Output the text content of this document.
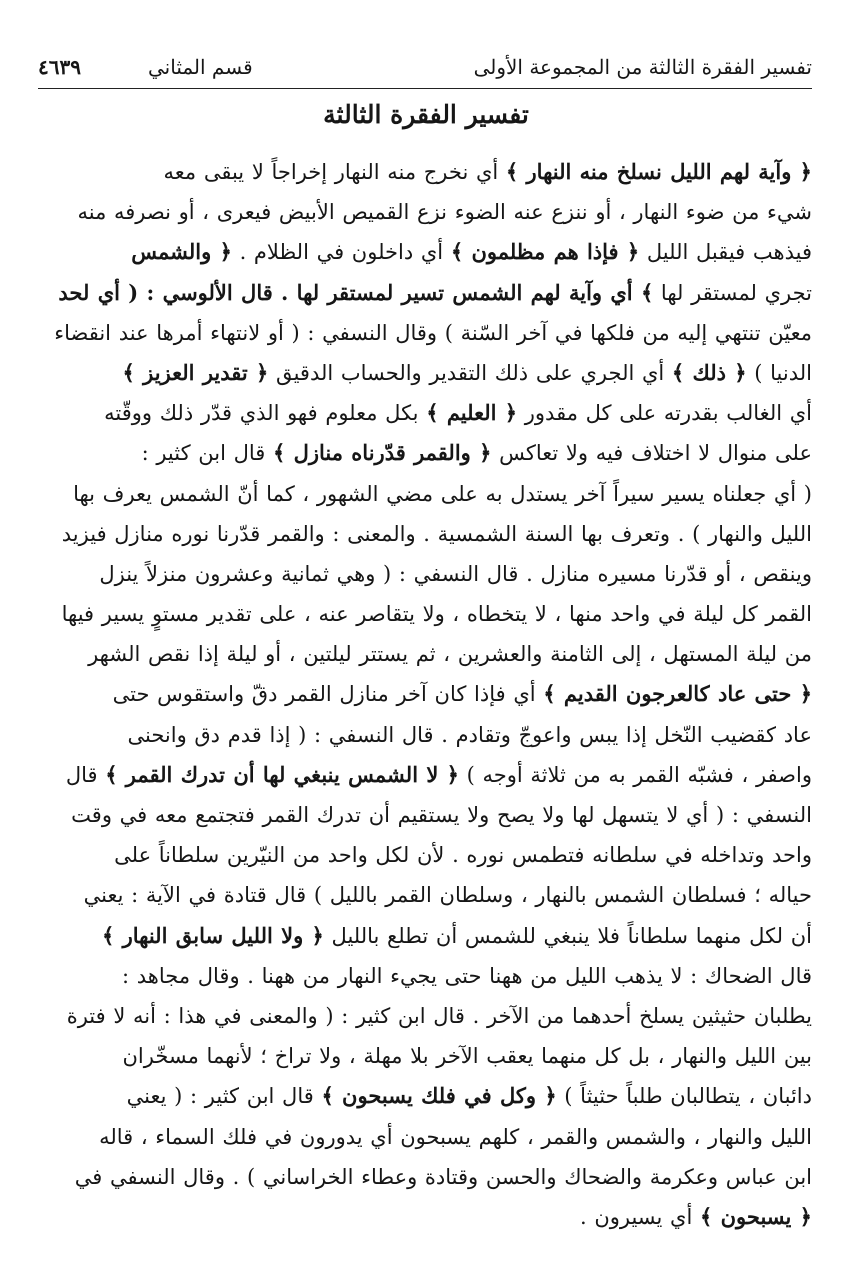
تفسير الفقرة الثالثة من المجموعة الأولى
قسم المثاني
٤٦٣٩
تفسير الفقرة الثالثة
﴿ وآية لهم الليل نسلخ منه النهار ﴾ أي نخرج منه النهار إخراجاً لا يبقى معه
شيء من ضوء النهار ، أو ننزع عنه الضوء نزع القميص الأبيض فيعرى ، أو نصرفه منه
فيذهب فيقبل الليل ﴿ فإذا هم مظلمون ﴾ أي داخلون في الظلام . ﴿ والشمس
تجري لمستقر لها ﴾ أي وآية لهم الشمس تسير لمستقر لها . قال الألوسي : ( أي لحد
معيّن تنتهي إليه من فلكها في آخر السّنة ) وقال النسفي : ( أو لانتهاء أمرها عند انقضاء
الدنيا ) ﴿ ذلك ﴾ أي الجري على ذلك التقدير والحساب الدقيق ﴿ تقدير العزيز ﴾
أي الغالب بقدرته على كل مقدور ﴿ العليم ﴾ بكل معلوم فهو الذي قدّر ذلك ووقّته
على منوال لا اختلاف فيه ولا تعاكس ﴿ والقمر قدّرناه منازل ﴾ قال ابن كثير :
( أي جعلناه يسير سيراً آخر يستدل به على مضي الشهور ، كما أنّ الشمس يعرف بها
الليل والنهار ) . وتعرف بها السنة الشمسية . والمعنى : والقمر قدّرنا نوره منازل فيزيد
وينقص ، أو قدّرنا مسيره منازل . قال النسفي : ( وهي ثمانية وعشرون منزلاً ينزل
القمر كل ليلة في واحد منها ، لا يتخطاه ، ولا يتقاصر عنه ، على تقدير مستوٍ يسير فيها
من ليلة المستهل ، إلى الثامنة والعشرين ، ثم يستتر ليلتين ، أو ليلة إذا نقص الشهر
﴿ حتى عاد كالعرجون القديم ﴾ أي فإذا كان آخر منازل القمر دقّ واستقوس حتى
عاد كقضيب النّخل إذا يبس واعوجّ وتقادم . قال النسفي : ( إذا قدم دق وانحنى
واصفر ، فشبّه القمر به من ثلاثة أوجه ) ﴿ لا الشمس ينبغي لها أن تدرك القمر ﴾ قال
النسفي : ( أي لا يتسهل لها ولا يصح ولا يستقيم أن تدرك القمر فتجتمع معه في وقت
واحد وتداخله في سلطانه فتطمس نوره . لأن لكل واحد من النيّرين سلطاناً على
حياله ؛ فسلطان الشمس بالنهار ، وسلطان القمر بالليل ) قال قتادة في الآية : يعني
أن لكل منهما سلطاناً فلا ينبغي للشمس أن تطلع بالليل ﴿ ولا الليل سابق النهار ﴾
قال الضحاك : لا يذهب الليل من ههنا حتى يجيء النهار من ههنا . وقال مجاهد :
يطلبان حثيثين يسلخ أحدهما من الآخر . قال ابن كثير : ( والمعنى في هذا : أنه لا فترة
بين الليل والنهار ، بل كل منهما يعقب الآخر بلا مهلة ، ولا تراخ ؛ لأنهما مسخّران
دائبان ، يتطالبان طلباً حثيثاً ) ﴿ وكل في فلك يسبحون ﴾ قال ابن كثير : ( يعني
الليل والنهار ، والشمس والقمر ، كلهم يسبحون أي يدورون في فلك السماء ، قاله
ابن عباس وعكرمة والضحاك والحسن وقتادة وعطاء الخراساني ) . وقال النسفي في
﴿ يسبحون ﴾ أي يسيرون .
